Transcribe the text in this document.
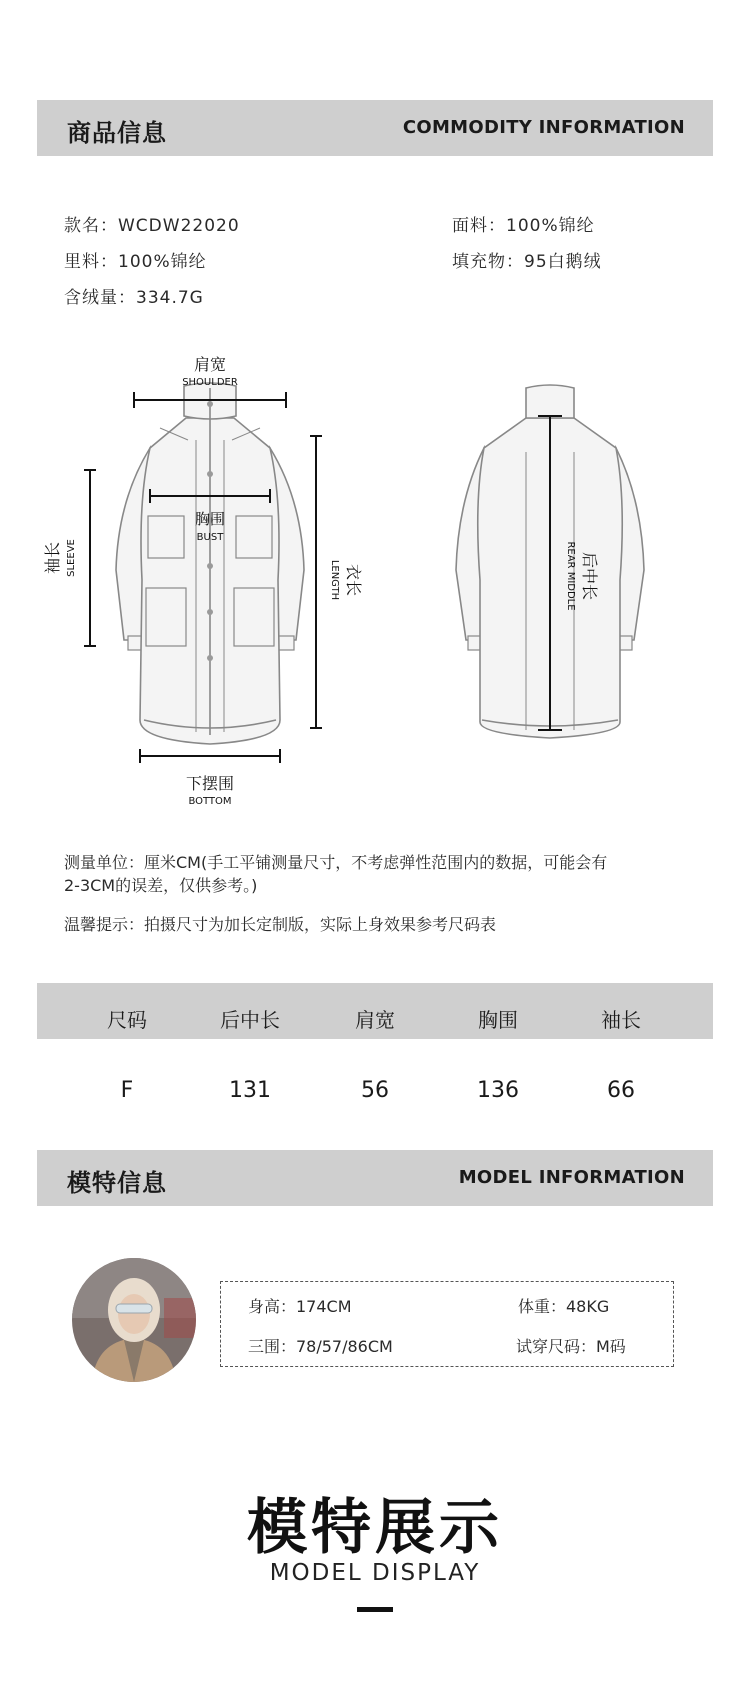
商品信息	COMMODITY INFORMATION
款名：WCDW22020	面料：100%锦纶
里料：100%锦纶	填充物：95白鹅绒
含绒量：334.7G
肩宽
SHOULDER
胸围
BUST
袖长 SLEEVE
衣长
LENGTH
下摆围
BOTTOM
后中长
REAR MIDDLE
测量单位：厘米CM(手工平铺测量尺寸，不考虑弹性范围内的数据，可能会有
2-3CM的误差，仅供参考。)
温馨提示：拍摄尺寸为加长定制版，实际上身效果参考尺码表
尺码	后中长	肩宽	胸围	袖长
F	131	56	136	66
模特信息	MODEL INFORMATION
身高：174CM	体重：48KG
三围：78/57/86CM	试穿尺码：M码
模特展示
MODEL DISPLAY
